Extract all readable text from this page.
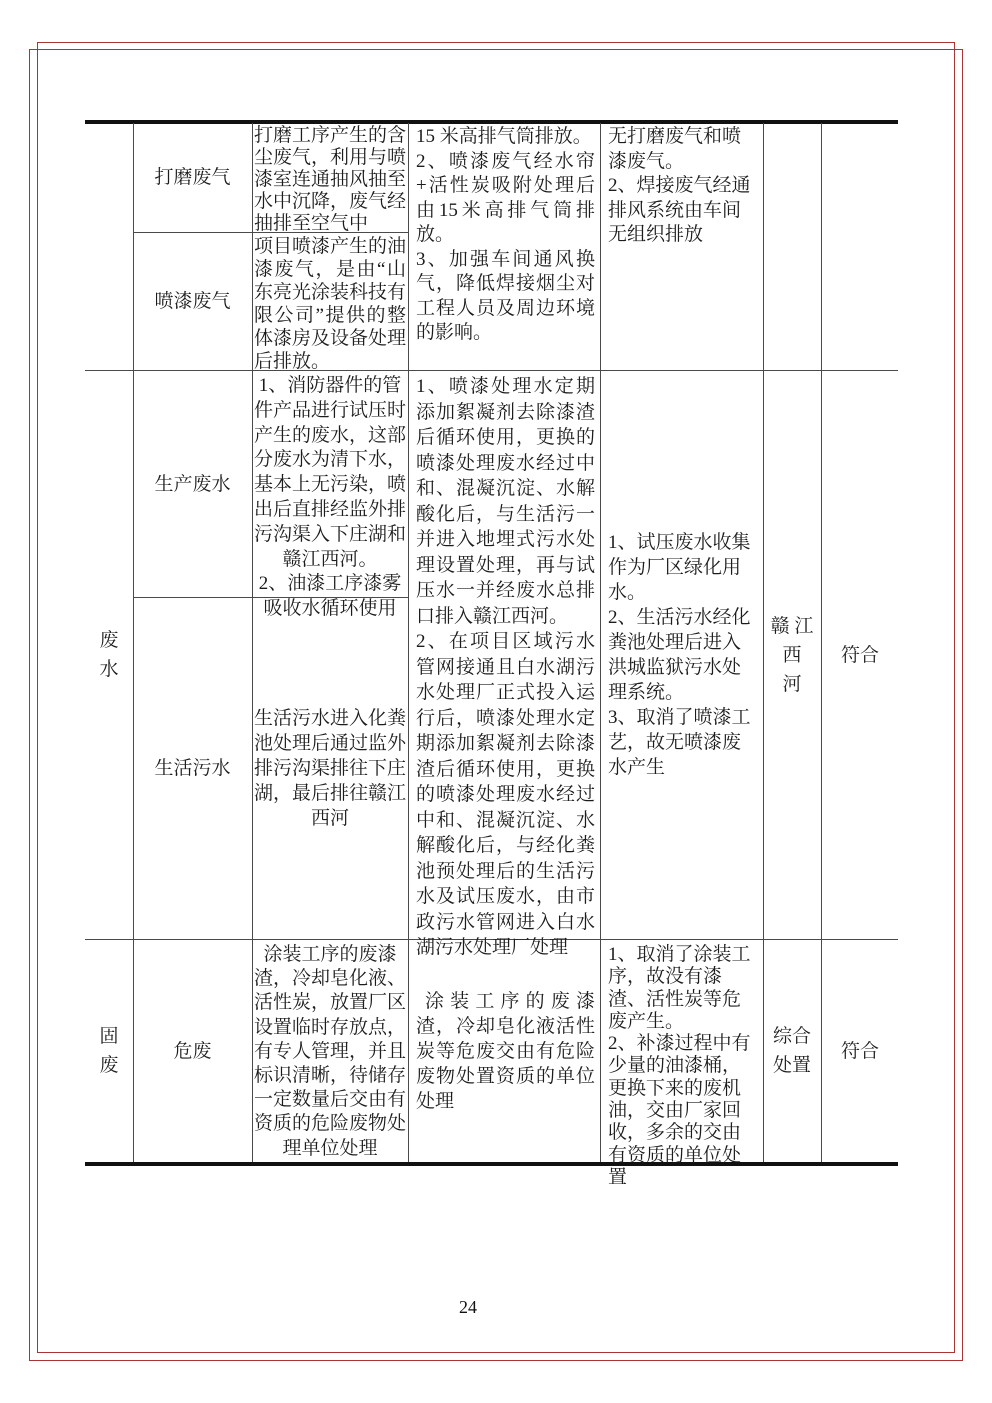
打磨废气

打磨工序产生的含尘废气，利用与喷漆室连通抽风抽至水中沉降，废气经抽排至空气中

喷漆废气

项目喷漆产生的油漆废气，是由“山东亮光涂装科技有限公司”提供的整体漆房及设备处理后排放。

15 米高排气筒排放。

2、喷漆废气经水帘+活性炭吸附处理后由15米高排气筒排放。

3、加强车间通风换气，降低焊接烟尘对工程人员及周边环境的影响。

无打磨废气和喷漆废气。

2、焊接废气经通排风系统由车间无组织排放

废水
生产废水

1、消防器件的管件产品进行试压时产生的废水，这部分废水为清下水，基本上无污染，喷出后直排经监外排污沟渠入下庄湖和赣江西河。

2、油漆工序漆雾吸收水循环使用

生活污水

生活污水进入化粪池处理后通过监外排污沟渠排往下庄湖，最后排往赣江西河

1、喷漆处理水定期添加絮凝剂去除漆渣后循环使用，更换的喷漆处理废水经过中和、混凝沉淀、水解酸化后，与生活污一并进入地埋式污水处理设置处理，再与试压水一并经废水总排口排入赣江西河。

2、在项目区域污水管网接通且白水湖污水处理厂正式投入运行后，喷漆处理水定期添加絮凝剂去除漆渣后循环使用，更换的喷漆处理废水经过中和、混凝沉淀、水解酸化后，与经化粪池预处理后的生活污水及试压废水，由市政污水管网进入白水湖污水处理厂处理

1、试压废水收集作为厂区绿化用水。

2、生活污水经化粪池处理后进入洪城监狱污水处理系统。

3、取消了喷漆工艺，故无喷漆废水产生

赣 江
西
河
符合
固废
危废

涂装工序的废漆渣，冷却皂化液、活性炭，放置厂区设置临时存放点，有专人管理，并且标识清晰，待储存一定数量后交由有资质的危险废物处理单位处理

涂装工序的废漆渣，冷却皂化液活性炭等危废交由有危险废物处置资质的单位处理

1、取消了涂装工序，故没有漆渣、活性炭等危废产生。

2、补漆过程中有少量的油漆桶，更换下来的废机油，交由厂家回收，多余的交由有资质的单位处置

综合
处置
符合
24
